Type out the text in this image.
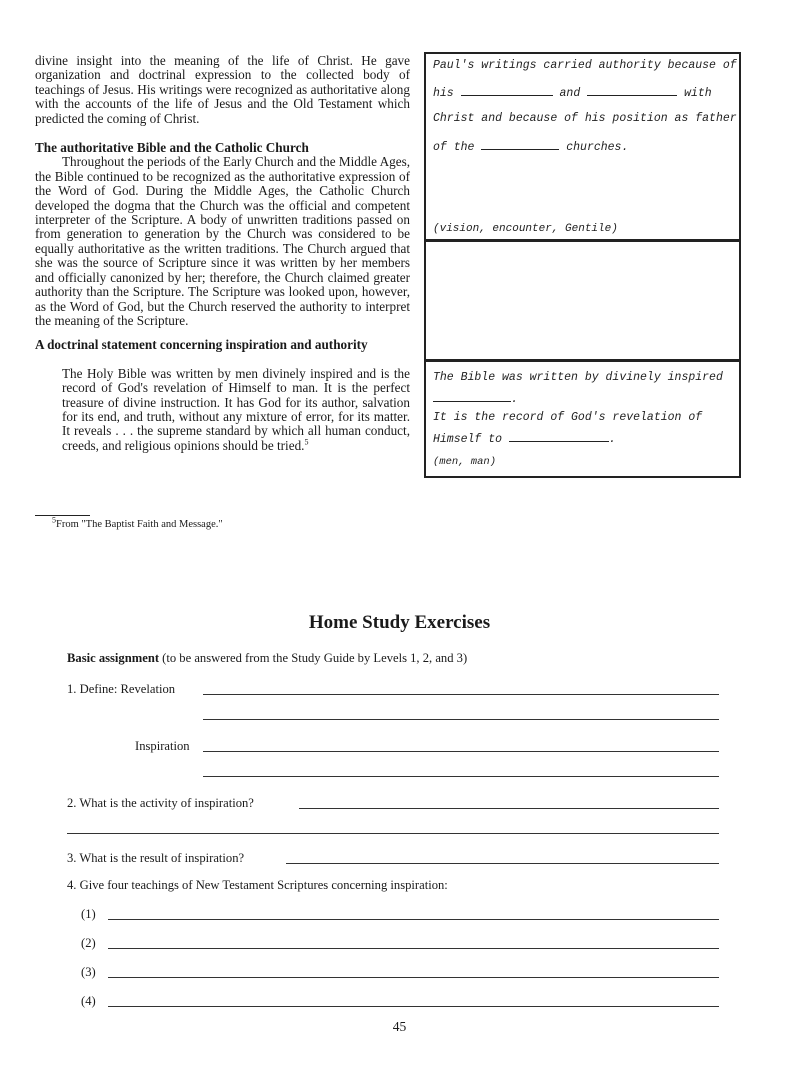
divine insight into the meaning of the life of Christ. He gave organization and doctrinal expression to the collected body of teachings of Jesus. His writings were recognized as authoritative along with the accounts of the life of Jesus and the Old Testament which predicted the coming of Christ.

The authoritative Bible and the Catholic Church

Throughout the periods of the Early Church and the Middle Ages, the Bible continued to be recognized as the authoritative expression of the Word of God. During the Middle Ages, the Catholic Church developed the dogma that the Church was the official and competent interpreter of the Scripture. A body of unwritten traditions passed on from generation to generation by the Church was considered to be equally authoritative as the written traditions. The Church argued that she was the source of Scripture since it was written by her members and officially canonized by her; therefore, the Church claimed greater authority than the Scripture. The Scripture was looked upon, however, as the Word of God, but the Church reserved the authority to interpret the meaning of the Scripture.

A doctrinal statement concerning inspiration and authority

The Holy Bible was written by men divinely inspired and is the record of God's revelation of Himself to man. It is the perfect treasure of divine instruction. It has God for its author, salvation for its end, and truth, without any mixture of error, for its matter. It reveals . . . the supreme standard by which all human conduct, creeds, and religious opinions should be tried.$^5$

$^5$From "The Baptist Faith and Message."
Paul's writings carried authority because of
his	and	with
Christ and because of his position as father
of the	churches.
(vision, encounter, Gentile)
The Bible was written by divinely inspired
.
It is the record of God's revelation of
Himself to	.
(men, man)
Home Study Exercises
Basic assignment (to be answered from the Study Guide by Levels 1, 2, and 3)
1. Define: Revelation
Inspiration
2. What is the activity of inspiration?
3. What is the result of inspiration?
4. Give four teachings of New Testament Scriptures concerning inspiration:
(1)
(2)
(3)
(4)
45
